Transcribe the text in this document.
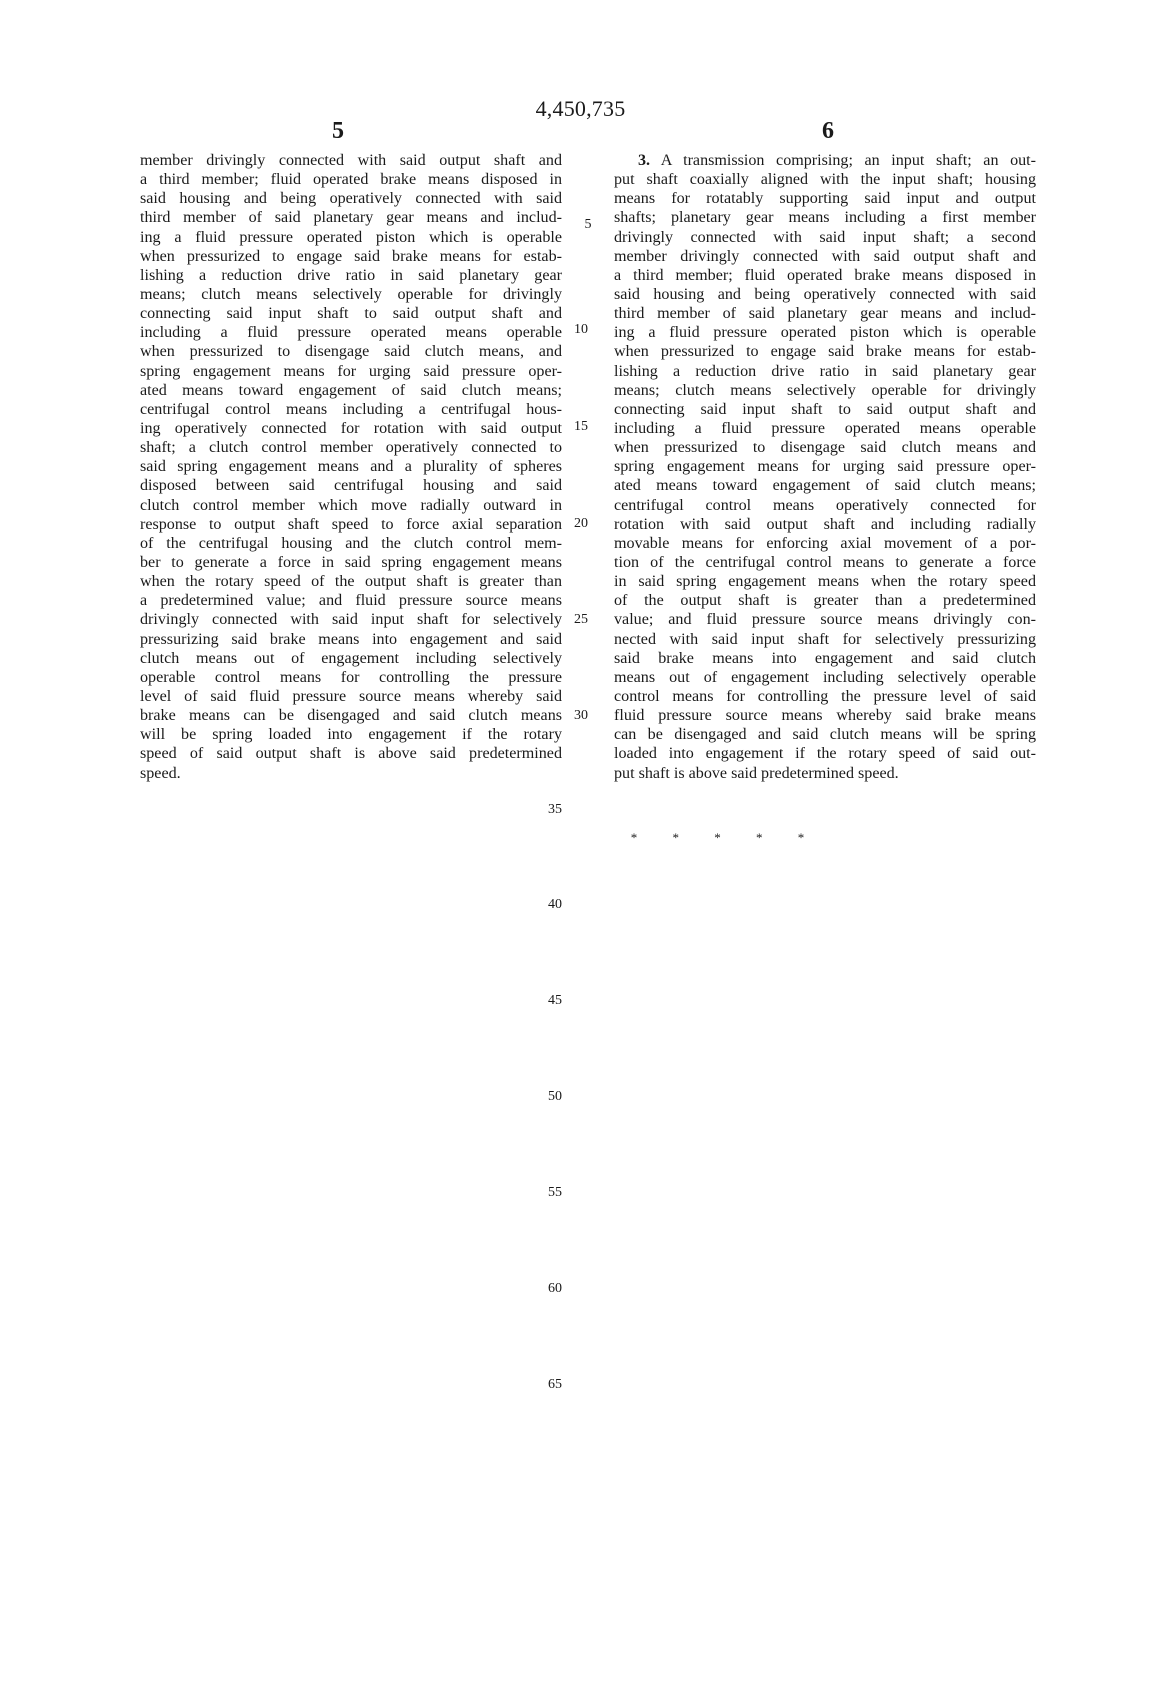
4,450,735
5	6
member drivingly connected with said output shaft and
a third member; fluid operated brake means disposed in
said housing and being operatively connected with said
third member of said planetary gear means and includ-
ing a fluid pressure operated piston which is operable
when pressurized to engage said brake means for estab-
lishing a reduction drive ratio in said planetary gear
means; clutch means selectively operable for drivingly
connecting said input shaft to said output shaft and
including a fluid pressure operated means operable
when pressurized to disengage said clutch means, and
spring engagement means for urging said pressure oper-
ated means toward engagement of said clutch means;
centrifugal control means including a centrifugal hous-
ing operatively connected for rotation with said output
shaft; a clutch control member operatively connected to
said spring engagement means and a plurality of spheres
disposed between said centrifugal housing and said
clutch control member which move radially outward in
response to output shaft speed to force axial separation
of the centrifugal housing and the clutch control mem-
ber to generate a force in said spring engagement means
when the rotary speed of the output shaft is greater than
a predetermined value; and fluid pressure source means
drivingly connected with said input shaft for selectively
pressurizing said brake means into engagement and said
clutch means out of engagement including selectively
operable control means for controlling the pressure
level of said fluid pressure source means whereby said
brake means can be disengaged and said clutch means
will be spring loaded into engagement if the rotary
speed of said output shaft is above said predetermined
speed.
3. A transmission comprising; an input shaft; an out-
put shaft coaxially aligned with the input shaft; housing
means for rotatably supporting said input and output
shafts; planetary gear means including a first member
drivingly connected with said input shaft; a second
member drivingly connected with said output shaft and
a third member; fluid operated brake means disposed in
said housing and being operatively connected with said
third member of said planetary gear means and includ-
ing a fluid pressure operated piston which is operable
when pressurized to engage said brake means for estab-
lishing a reduction drive ratio in said planetary gear
means; clutch means selectively operable for drivingly
connecting said input shaft to said output shaft and
including a fluid pressure operated means operable
when pressurized to disengage said clutch means and
spring engagement means for urging said pressure oper-
ated means toward engagement of said clutch means;
centrifugal control means operatively connected for
rotation with said output shaft and including radially
movable means for enforcing axial movement of a por-
tion of the centrifugal control means to generate a force
in said spring engagement means when the rotary speed
of the output shaft is greater than a predetermined
value; and fluid pressure source means drivingly con-
nected with said input shaft for selectively pressurizing
said brake means into engagement and said clutch
means out of engagement including selectively operable
control means for controlling the pressure level of said
fluid pressure source means whereby said brake means
can be disengaged and said clutch means will be spring
loaded into engagement if the rotary speed of said out-
put shaft is above said predetermined speed.
* * * * *
5
10
15
20
25
30
35
40
45
50
55
60
65
